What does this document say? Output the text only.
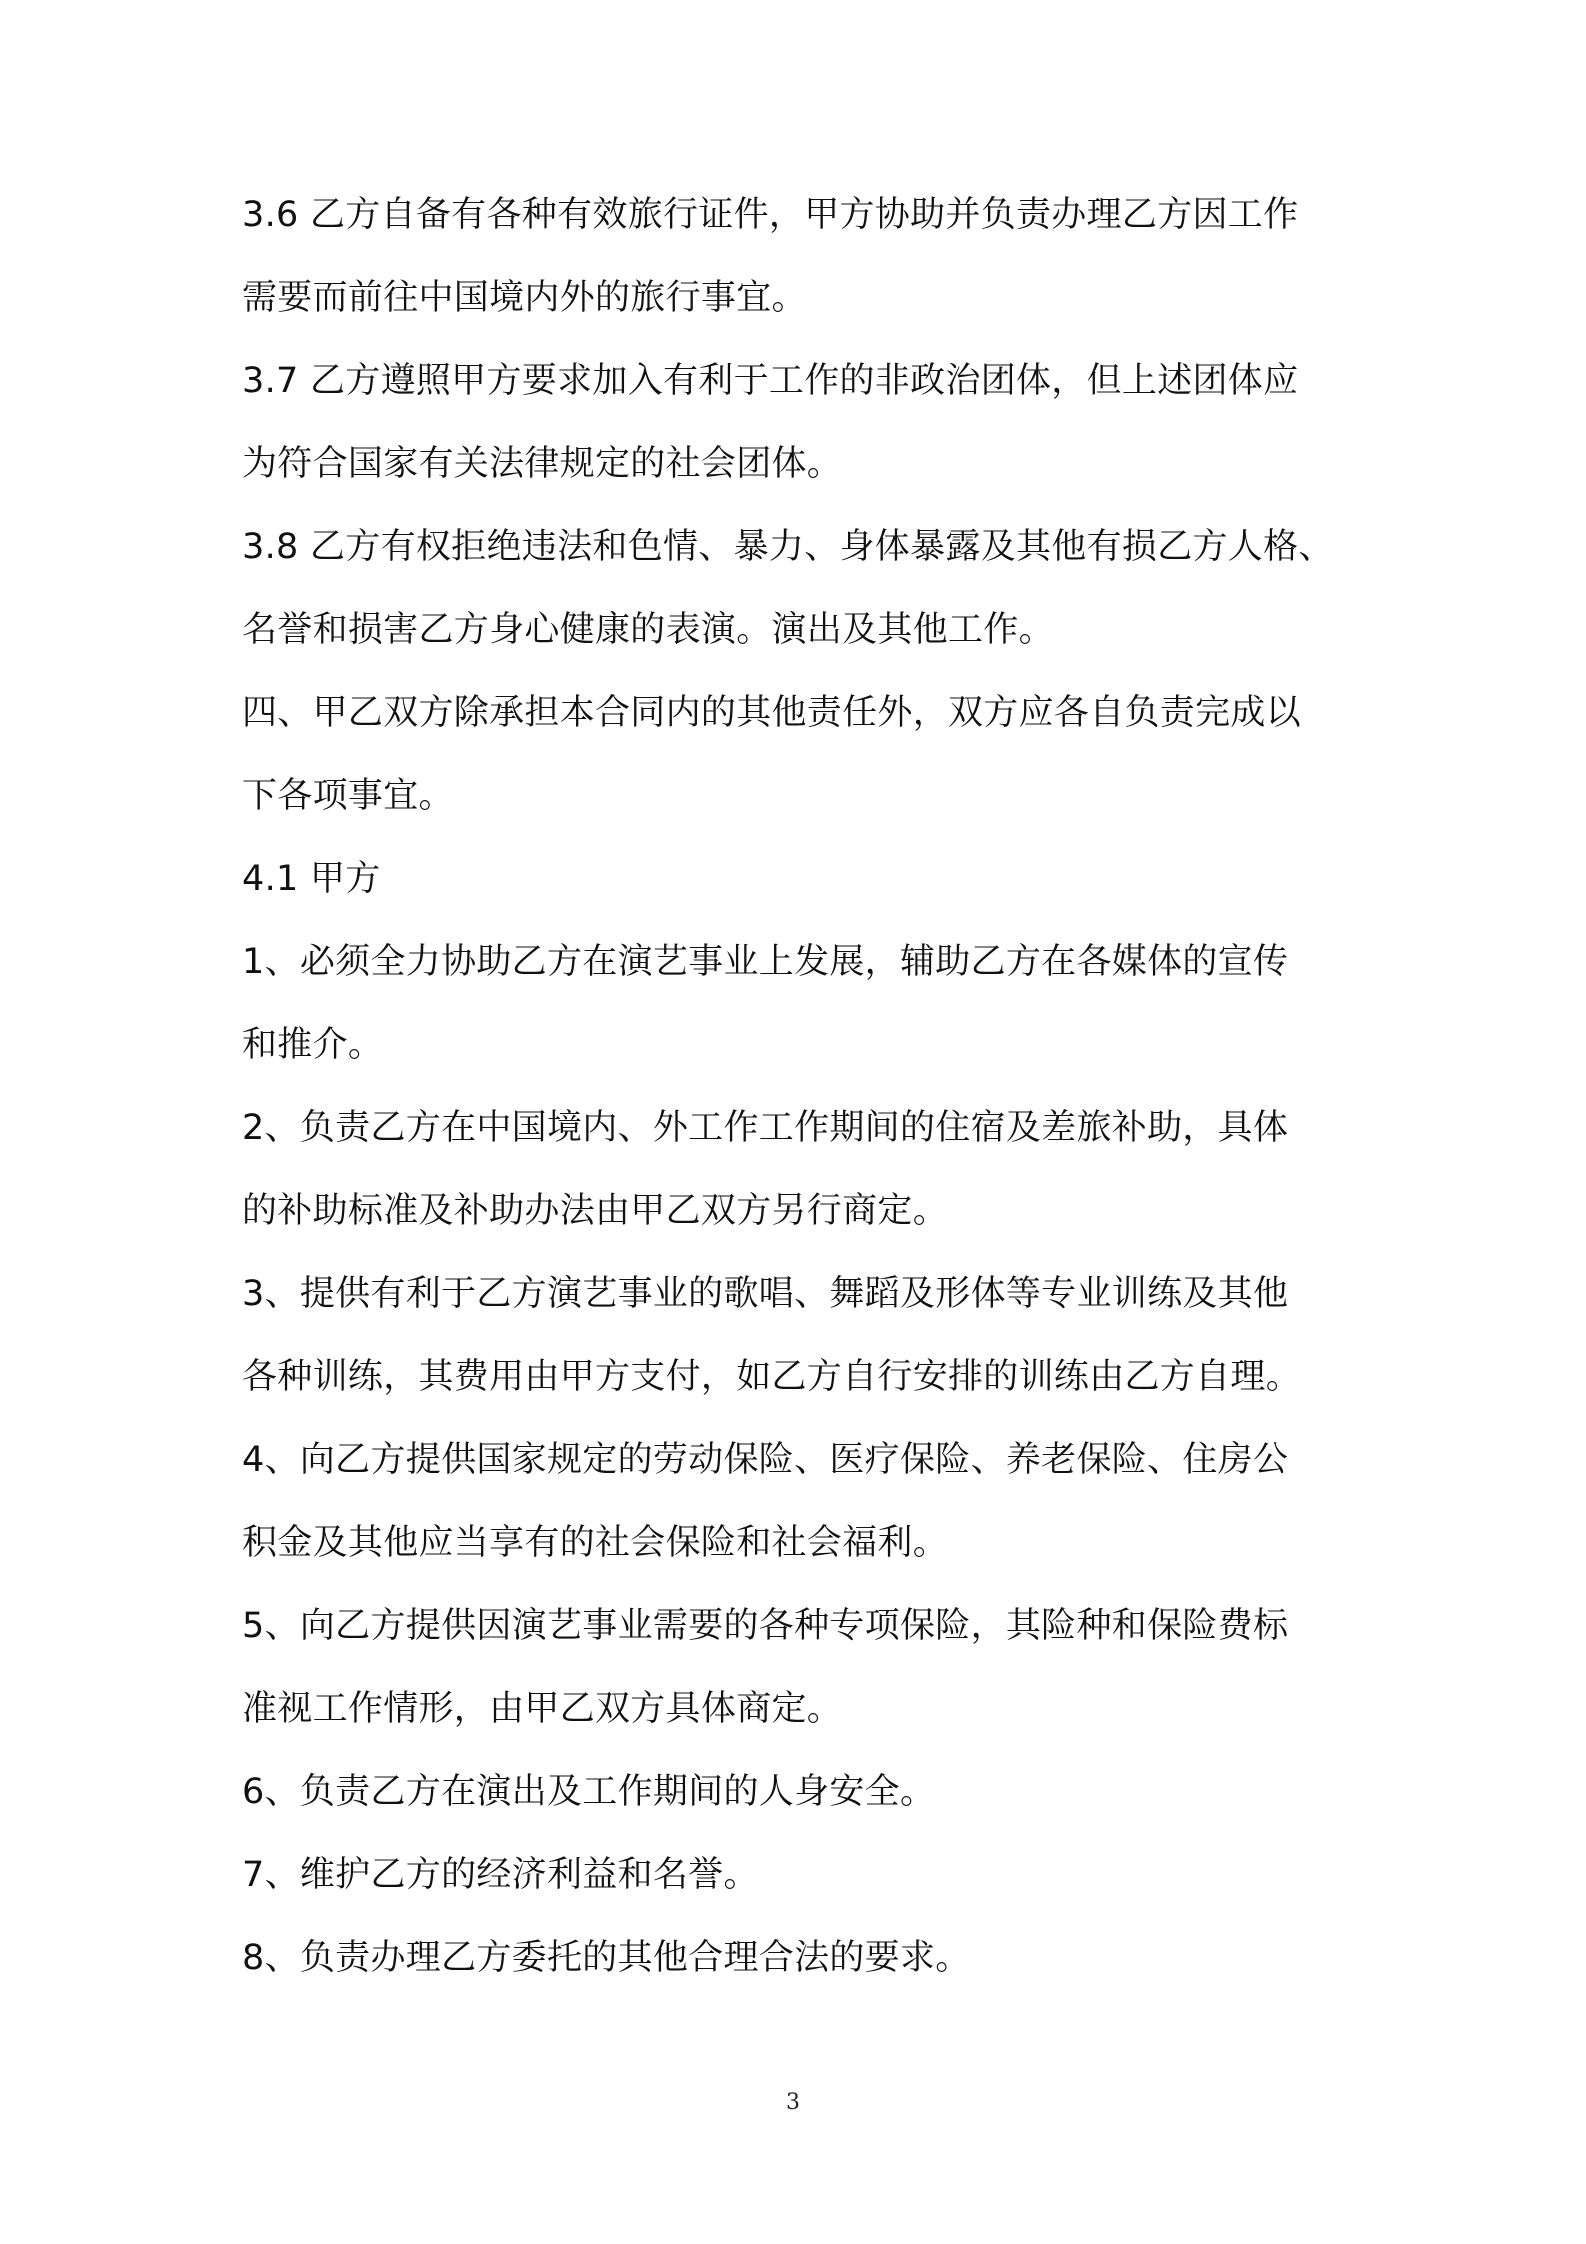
3.6 乙方自备有各种有效旅行证件，甲方协助并负责办理乙方因工作
需要而前往中国境内外的旅行事宜。
3.7 乙方遵照甲方要求加入有利于工作的非政治团体，但上述团体应
为符合国家有关法律规定的社会团体。
3.8 乙方有权拒绝违法和色情、暴力、身体暴露及其他有损乙方人格、
名誉和损害乙方身心健康的表演。演出及其他工作。
四、甲乙双方除承担本合同内的其他责任外，双方应各自负责完成以
下各项事宜。
4.1 甲方
1、必须全力协助乙方在演艺事业上发展，辅助乙方在各媒体的宣传
和推介。
2、负责乙方在中国境内、外工作工作期间的住宿及差旅补助，具体
的补助标准及补助办法由甲乙双方另行商定。
3、提供有利于乙方演艺事业的歌唱、舞蹈及形体等专业训练及其他
各种训练，其费用由甲方支付，如乙方自行安排的训练由乙方自理。
4、向乙方提供国家规定的劳动保险、医疗保险、养老保险、住房公
积金及其他应当享有的社会保险和社会福利。
5、向乙方提供因演艺事业需要的各种专项保险，其险种和保险费标
准视工作情形，由甲乙双方具体商定。
6、负责乙方在演出及工作期间的人身安全。
7、维护乙方的经济利益和名誉。
8、负责办理乙方委托的其他合理合法的要求。
3
